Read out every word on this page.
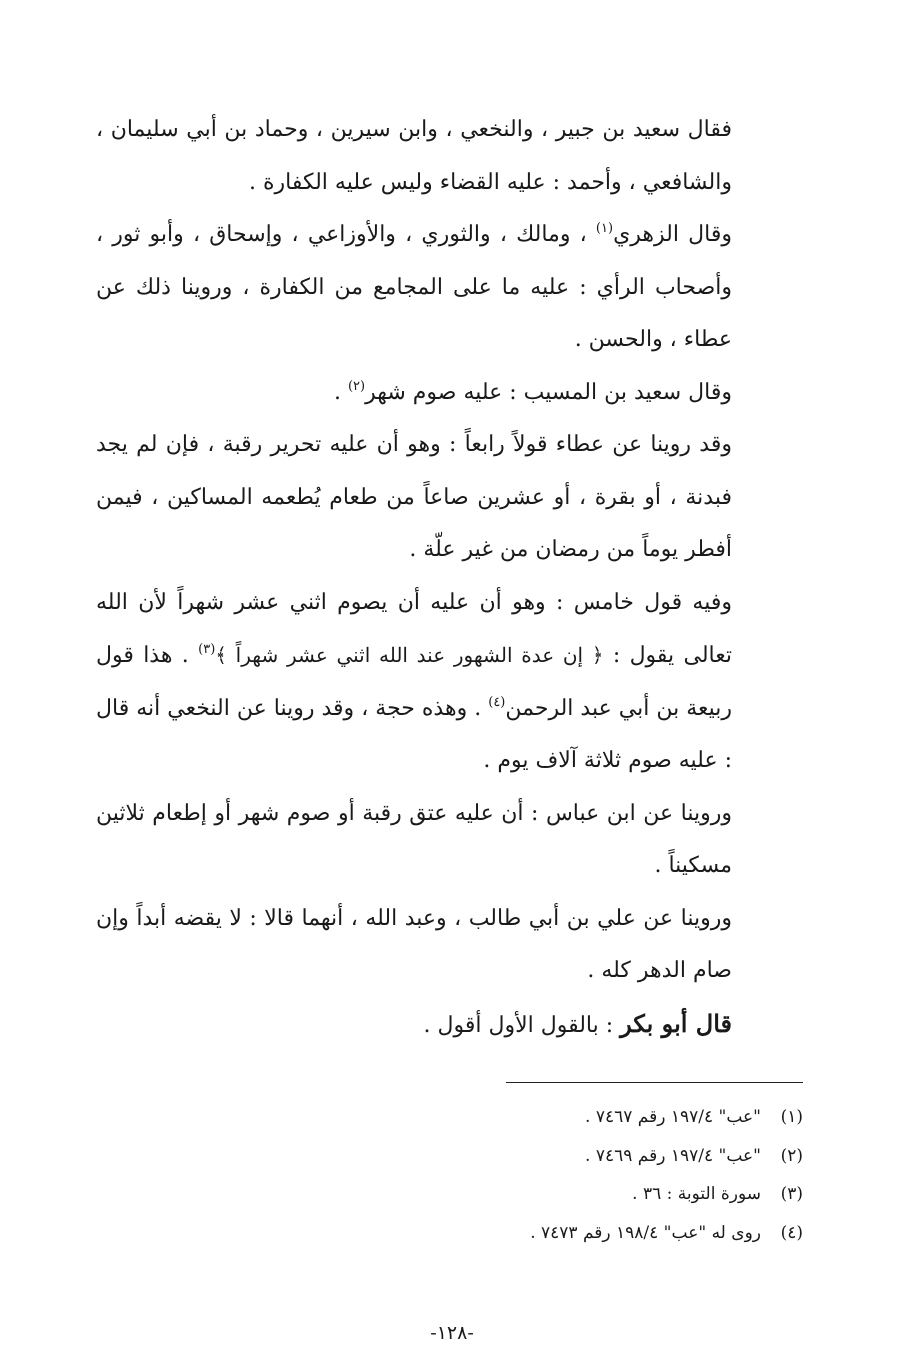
فقال سعيد بن جبير ، والنخعي ، وابن سيرين ، وحماد بن أبي سليمان ، والشافعي ، وأحمد : عليه القضاء وليس عليه الكفارة .

وقال الزهري$^{(١)}$ ، ومالك ، والثوري ، والأوزاعي ، وإسحاق ، وأبو ثور ، وأصحاب الرأي : عليه ما على المجامع من الكفارة ، وروينا ذلك عن عطاء ، والحسن .

وقال سعيد بن المسيب : عليه صوم شهر$^{(٢)}$ .

وقد روينا عن عطاء قولاً رابعاً : وهو أن عليه تحرير رقبة ، فإن لم يجد فبدنة ، أو بقرة ، أو عشرين صاعاً من طعام يُطعمه المساكين ، فيمن أفطر يوماً من رمضان من غير علّة .

وفيه قول خامس : وهو أن عليه أن يصوم اثني عشر شهراً لأن الله تعالى يقول : ﴿ إن عدة الشهور عند الله اثني عشر شهراً ﴾$^{(٣)}$ . هذا قول ربيعة بن أبي عبد الرحمن$^{(٤)}$ . وهذه حجة ، وقد روينا عن النخعي أنه قال : عليه صوم ثلاثة آلاف يوم .

وروينا عن ابن عباس : أن عليه عتق رقبة أو صوم شهر أو إطعام ثلاثين مسكيناً .

وروينا عن علي بن أبي طالب ، وعبد الله ، أنهما قالا : لا يقضه أبداً وإن صام الدهر كله .

قال أبو بكر : بالقول الأول أقول .

(١)"عب" ١٩٧/٤ رقم ٧٤٦٧ .

(٢)"عب" ١٩٧/٤ رقم ٧٤٦٩ .

(٣)سورة التوبة : ٣٦ .

(٤)روى له "عب" ١٩٨/٤ رقم ٧٤٧٣ .

-١٢٨-
